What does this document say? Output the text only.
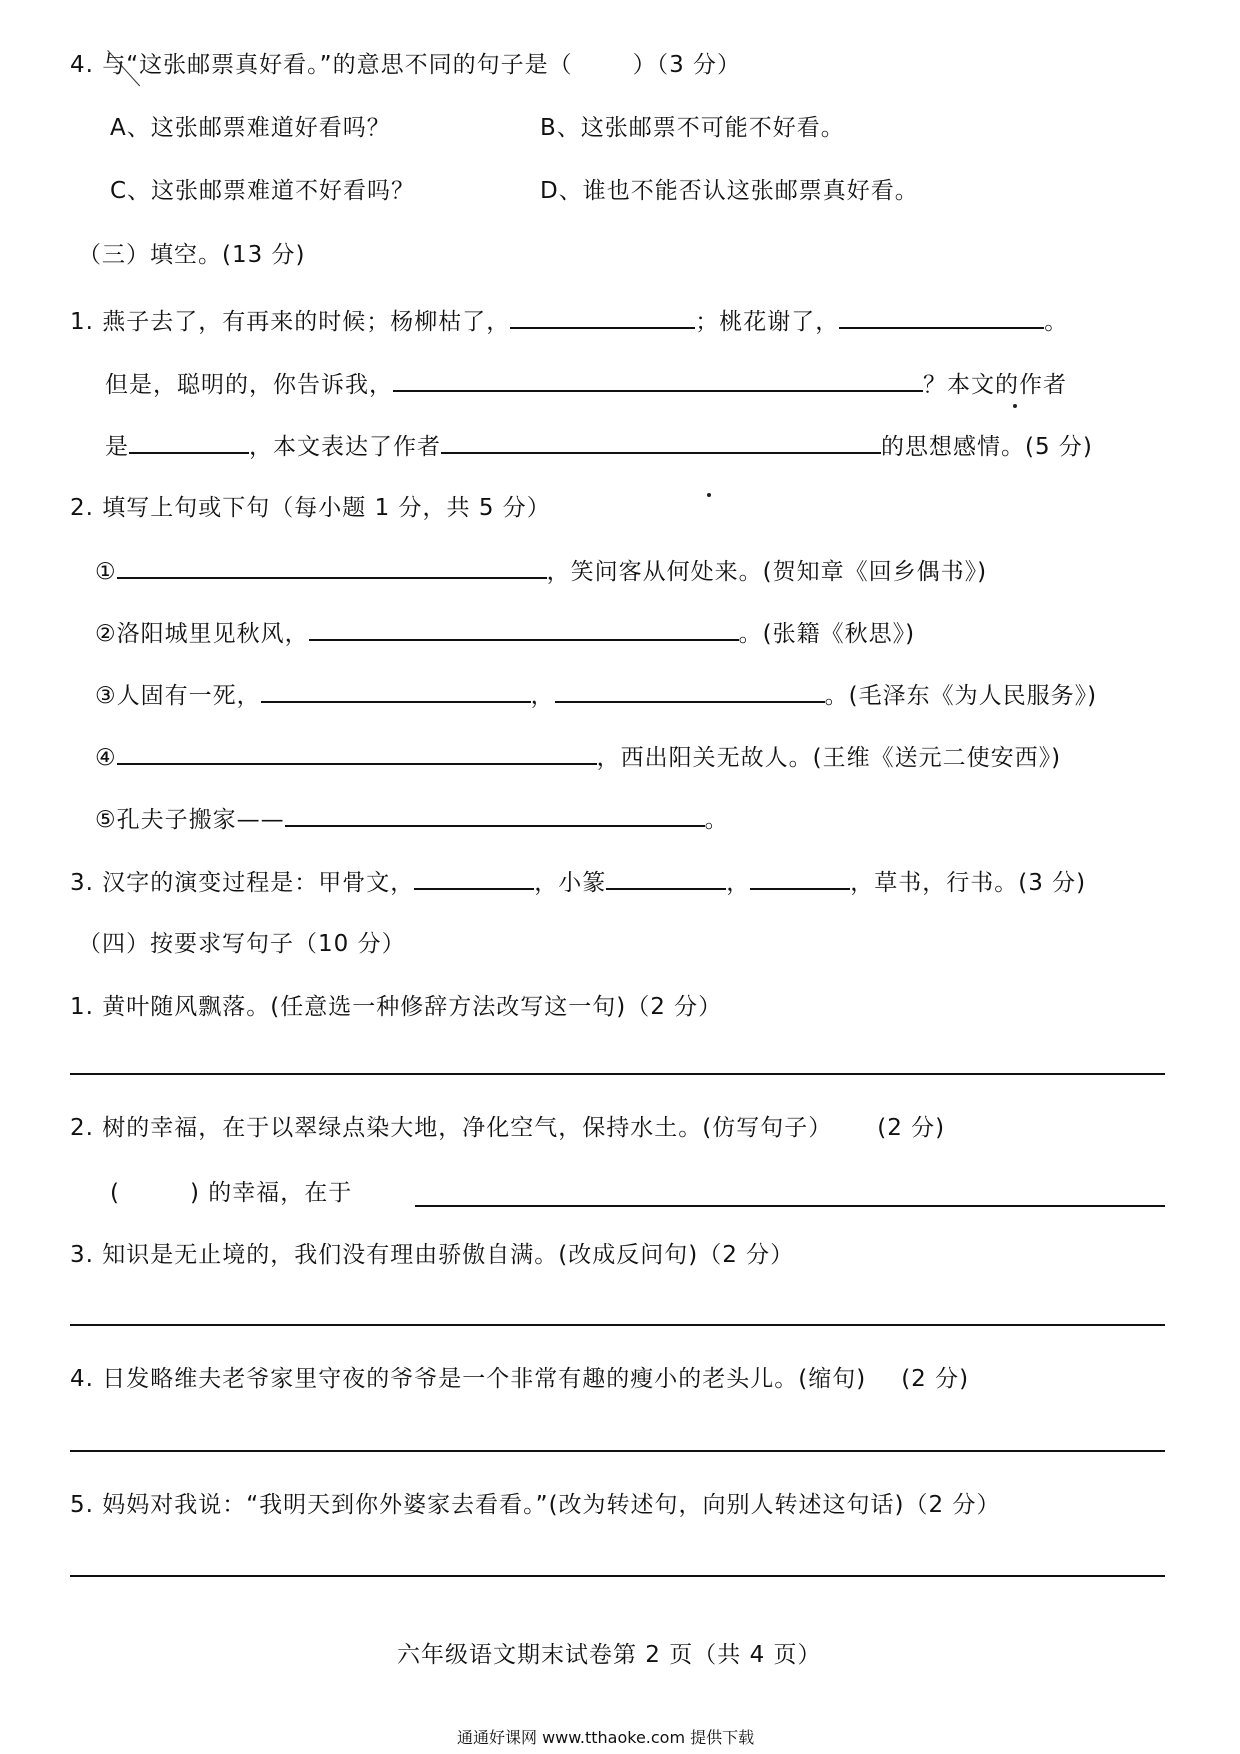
4. 与“这张邮票真好看。”的意思不同的句子是（	）（3 分）
A、这张邮票难道好看吗？	B、这张邮票不可能不好看。
C、这张邮票难道不好看吗？	D、谁也不能否认这张邮票真好看。
（三）填空。(13 分)
1. 燕子去了，有再来的时候；杨柳枯了，	；桃花谢了，	。
但是，聪明的，你告诉我，	？本文的作者
是	，本文表达了作者	的思想感情。(5 分)
2. 填写上句或下句（每小题 1 分，共 5 分）
①	，笑问客从何处来。(贺知章《回乡偶书》)
②洛阳城里见秋风，	。(张籍《秋思》)
③人固有一死，	，	。(毛泽东《为人民服务》)
④	，西出阳关无故人。(王维《送元二使安西》)
⑤孔夫子搬家——	。
3. 汉字的演变过程是：甲骨文，	，小篆	，	，草书，行书。(3 分)
（四）按要求写句子（10 分）
1. 黄叶随风飘落。(任意选一种修辞方法改写这一句)（2 分）
2. 树的幸福，在于以翠绿点染大地，净化空气，保持水土。(仿写句子） (2 分)
(	) 的幸福，在于
3. 知识是无止境的，我们没有理由骄傲自满。(改成反问句)（2 分）
4. 日发略维夫老爷家里守夜的爷爷是一个非常有趣的瘦小的老头儿。(缩句) (2 分)
5. 妈妈对我说：“我明天到你外婆家去看看。”(改为转述句，向别人转述这句话)（2 分）
六年级语文期末试卷第 2 页（共 4 页）
通通好课网 www.tthaoke.com 提供下载
